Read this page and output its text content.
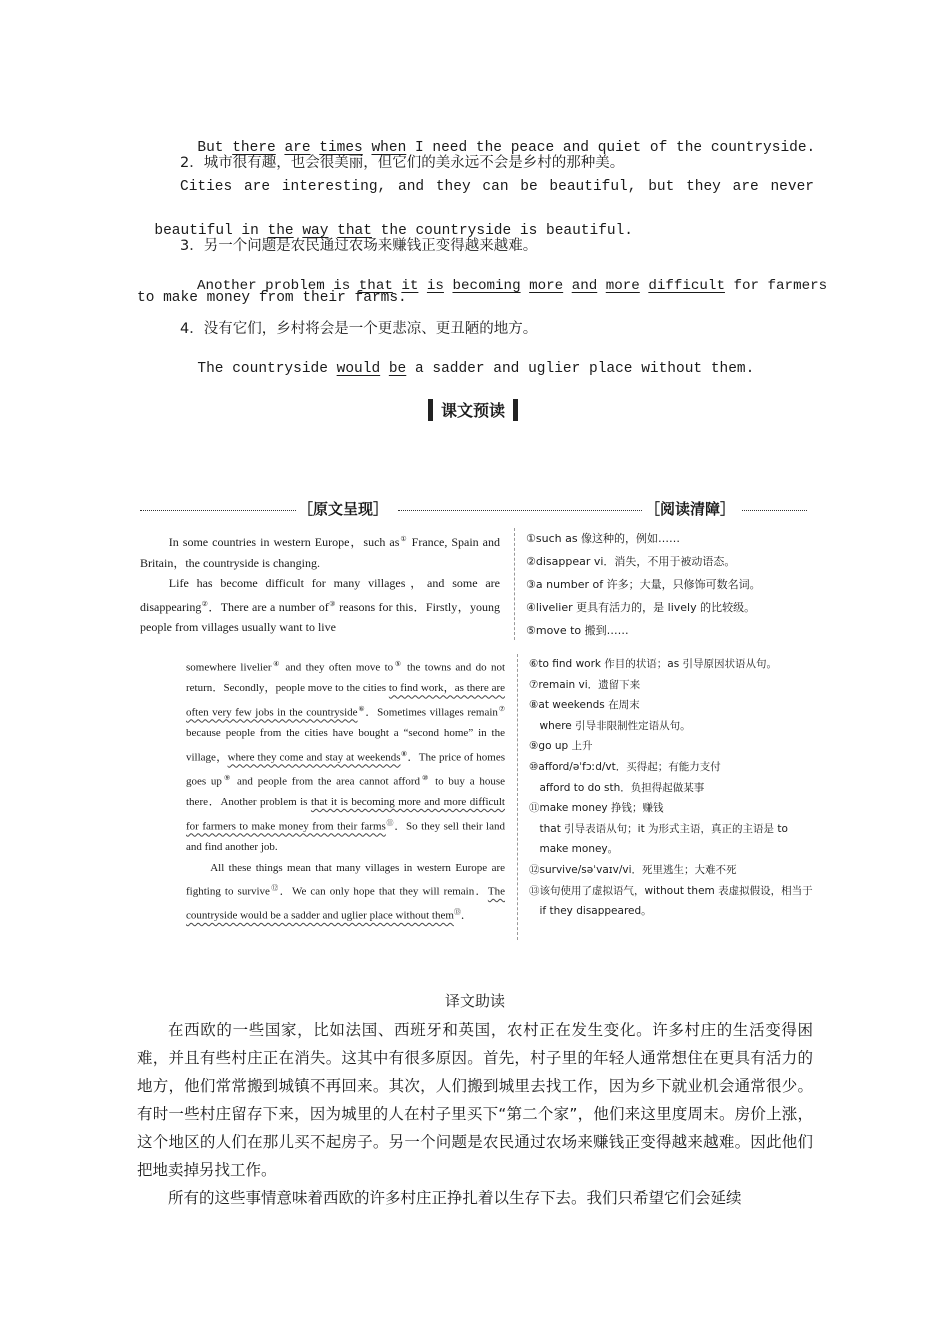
But there are times when I need the peace and quiet of the countryside.

2．城市很有趣，也会很美丽，但它们的美永远不会是乡村的那种美。
Cities are interesting, and they can be beautiful, but they are never

beautiful in the way that the countryside is beautiful.

3．另一个问题是农民通过农场来赚钱正变得越来越难。

Another problem is that it is becoming more and more difficult for farmers

to make money from their farms.
4．没有它们，乡村将会是一个更悲凉、更丑陋的地方。

The countryside would be a sadder and uglier place without them.

课文预读
［原文呈现］	［阅读清障］

In some countries in western Europe，such as① France, Spain and Britain，the countryside is changing.

Life has become difficult for many villages，and some are disappearing②．There are a number of③ reasons for this．Firstly，young people from villages usually want to live

①such as 像这种的，例如……
②disappear vi．消失，不用于被动语态。
③a number of 许多；大量，只修饰可数名词。
④livelier 更具有活力的，是 lively 的比较级。
⑤move to 搬到……

somewhere livelier④ and they often move to⑤ the towns and do not return．Secondly，people move to the cities to find work，as there are often very few jobs in the countryside⑥．Sometimes villages remain⑦ because people from the cities have bought a “second home” in the village，where they come and stay at weekends⑧．The price of homes goes up⑨ and people from the area cannot afford⑩ to buy a house there．Another problem is that it is becoming more and more difficult for farmers to make money from their farms⑪．So they sell their land and find another job.

All these things mean that many villages in western Europe are fighting to survive⑫．We can only hope that they will remain．The countryside would be a sadder and uglier place without them⑬．

⑥to find work 作目的状语；as 引导原因状语从句。
⑦remain vi．遗留下来
⑧at weekends 在周末
　where 引导非限制性定语从句。
⑨go up 上升
⑩afford/əˈfɔːd/vt．买得起；有能力支付
　afford to do sth．负担得起做某事
⑪make money 挣钱；赚钱
　that 引导表语从句；it 为形式主语，真正的主语是 to
　make money。
⑫survive/səˈvaɪv/vi．死里逃生；大难不死
⑬该句使用了虚拟语气，without them 表虚拟假设，相当于
　if they disappeared。
译文助读

在西欧的一些国家，比如法国、西班牙和英国，农村正在发生变化。许多村庄的生活变得困难，并且有些村庄正在消失。这其中有很多原因。首先，村子里的年轻人通常想住在更具有活力的地方，他们常常搬到城镇不再回来。其次，人们搬到城里去找工作，因为乡下就业机会通常很少。有时一些村庄留存下来，因为城里的人在村子里买下“第二个家”，他们来这里度周末。房价上涨，这个地区的人们在那儿买不起房子。另一个问题是农民通过农场来赚钱正变得越来越难。因此他们把地卖掉另找工作。

所有的这些事情意味着西欧的许多村庄正挣扎着以生存下去。我们只希望它们会延续
